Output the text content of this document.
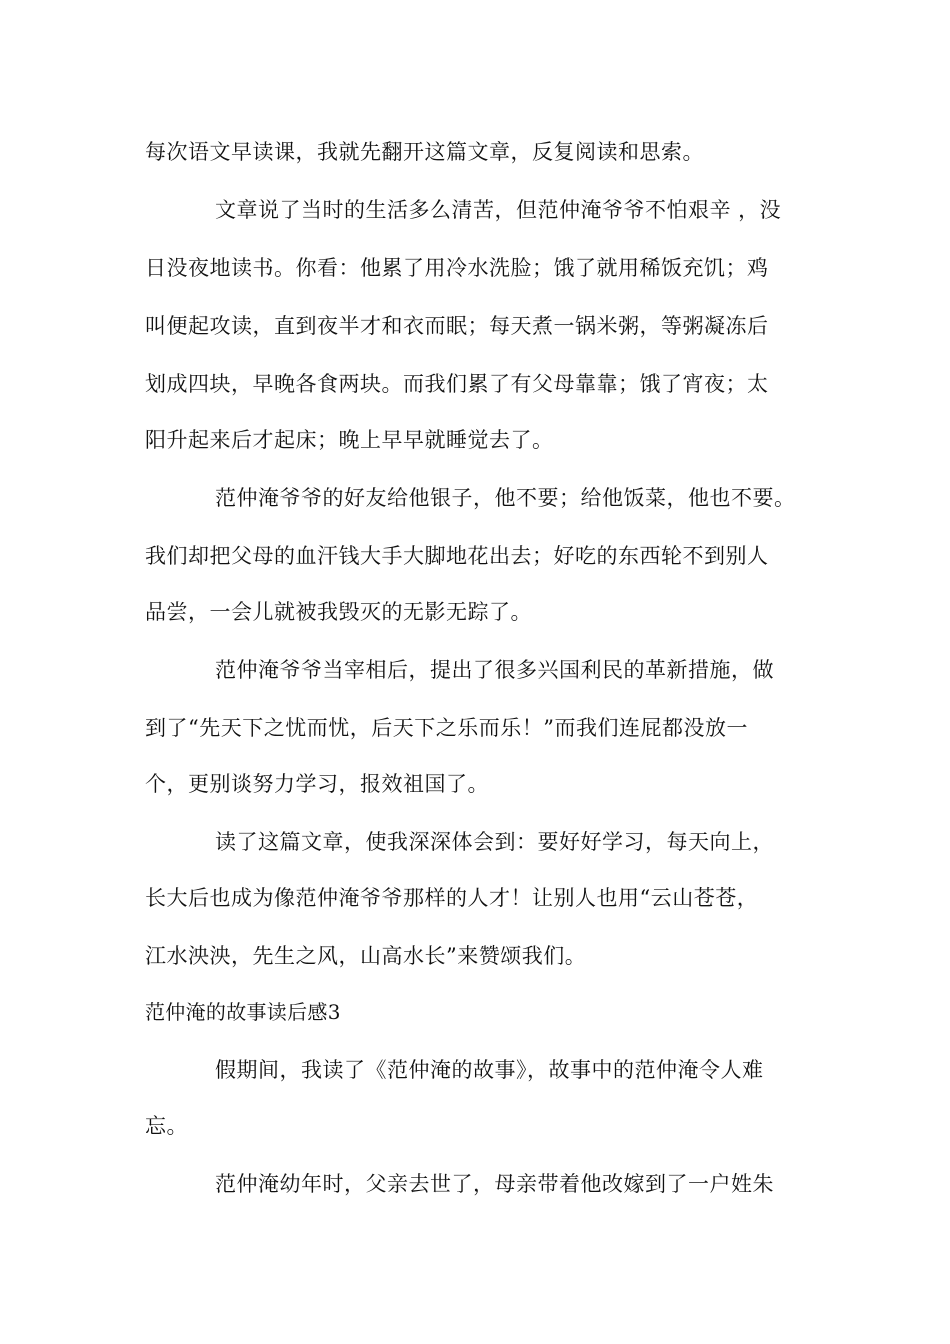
每次语文早读课，我就先翻开这篇文章，反复阅读和思索。

文章说了当时的生活多么清苦，但范仲淹爷爷不怕艰辛 ，没

日没夜地读书。你看：他累了用冷水洗脸；饿了就用稀饭充饥；鸡

叫便起攻读，直到夜半才和衣而眠；每天煮一锅米粥，等粥凝冻后

划成四块，早晚各食两块。而我们累了有父母靠靠；饿了宵夜；太

阳升起来后才起床；晚上早早就睡觉去了。

范仲淹爷爷的好友给他银子，他不要；给他饭菜，他也不要。

我们却把父母的血汗钱大手大脚地花出去；好吃的东西轮不到别人

品尝，一会儿就被我毁灭的无影无踪了。

范仲淹爷爷当宰相后，提出了很多兴国利民的革新措施，做

到了“先天下之忧而忧，后天下之乐而乐！”而我们连屁都没放一

个，更别谈努力学习，报效祖国了。

读了这篇文章，使我深深体会到：要好好学习，每天向上，

长大后也成为像范仲淹爷爷那样的人才！让别人也用“云山苍苍，

江水泱泱，先生之风，山高水长”来赞颂我们。

范仲淹的故事读后感3

假期间，我读了《范仲淹的故事》，故事中的范仲淹令人难

忘。

范仲淹幼年时，父亲去世了，母亲带着他改嫁到了一户姓朱
